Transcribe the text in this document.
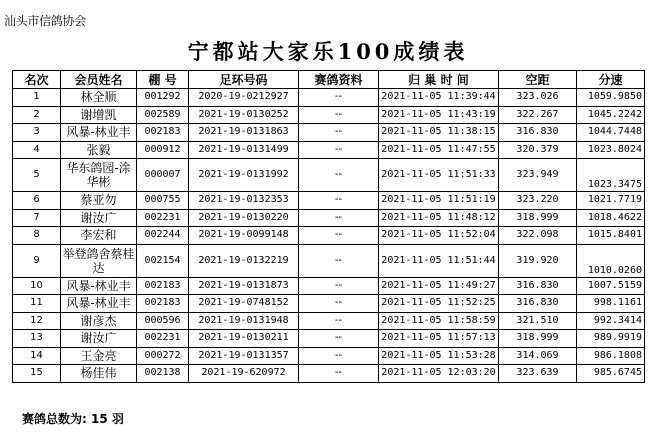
汕头市信鸽协会
宁都站大家乐100成绩表
名次	会员姓名	棚 号	足环号码	赛鸽资料	归 巢 时 间	空距	分速
1	林全顺	001292	2020-19-0212927	--	2021-11-05 11:39:44	323.026	1059.9850
2	谢增凯	002589	2021-19-0130252	--	2021-11-05 11:43:19	322.267	1045.2242
3	风暴-林业丰	002183	2021-19-0131863	--	2021-11-05 11:38:15	316.830	1044.7448
4	张毅	000912	2021-19-0131499	--	2021-11-05 11:47:55	320.379	1023.8024
5	华东鸽园-涂华彬	000007	2021-19-0131992	--	2021-11-05 11:51:33	323.949	1023.3475
6	蔡亚勿	000755	2021-19-0132353	--	2021-11-05 11:51:19	323.220	1021.7719
7	谢汝广	002231	2021-19-0130220	--	2021-11-05 11:48:12	318.999	1018.4622
8	李宏和	002244	2021-19-0099148	--	2021-11-05 11:52:04	322.098	1015.8401
9	举登鸽舍蔡桂达	002154	2021-19-0132219	--	2021-11-05 11:51:44	319.920	1010.0260
10	风暴-林业丰	002183	2021-19-0131873	--	2021-11-05 11:49:27	316.830	1007.5159
11	风暴-林业丰	002183	2021-19-0748152	--	2021-11-05 11:52:25	316.830	998.1161
12	谢彦杰	000596	2021-19-0131948	--	2021-11-05 11:58:59	321.510	992.3414
13	谢汝广	002231	2021-19-0130211	--	2021-11-05 11:57:13	318.999	989.9919
14	王金亮	000272	2021-19-0131357	--	2021-11-05 11:53:28	314.069	986.1808
15	杨佳伟	002138	2021-19-620972	--	2021-11-05 12:03:20	323.639	985.6745
赛鸽总数为: 15 羽
